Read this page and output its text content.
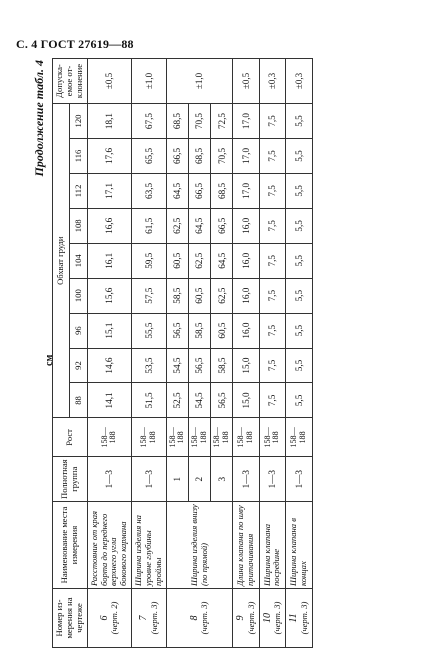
С. 4 ГОСТ 27619—88
Продолжение табл. 4
см
Номер измерения на чертеже	Наименование места измерения	Полнотная группа	Рост	Обхват груди									Допускаемое отклонение
				88	92	96	100	104	108	112	116	120	

6 (черт. 2)	Расстояние от края борта до переднего верхнего угла бокового кармана	1—3	158— 188	14,1	14,6	15,1	15,6	16,1	16,6	17,1	17,6	18,1	±0,5

7 (черт. 3)	Ширина изделия на уровне глубины проймы	1—3	158— 188	51,5	53,5	55,5	57,5	59,5	61,5	63,5	65,5	67,5	±1,0

8 (черт. 3)	Ширина изделия внизу (по прямой)	1	158— 188	52,5	54,5	56,5	58,5	60,5	62,5	64,5	66,5	68,5	±1,0
		2	158— 188	54,5	56,5	58,5	60,5	62,5	64,5	66,5	68,5	70,5	
		3	158— 188	56,5	58,5	60,5	62,5	64,5	66,5	68,5	70,5	72,5	

9 (черт. 3)	Длина клапана по шву притачивания	1—3	158— 188	15,0	15,0	16,0	16,0	16,0	16,0	17,0	17,0	17,0	±0,5

10 (черт. 3)	Ширина клапана посредине	1—3	158— 188	7,5	7,5	7,5	7,5	7,5	7,5	7,5	7,5	7,5	±0,3

11 (черт. 3)	Ширина клапана в концах	1—3	158— 188	5,5	5,5	5,5	5,5	5,5	5,5	5,5	5,5	5,5	±0,3
